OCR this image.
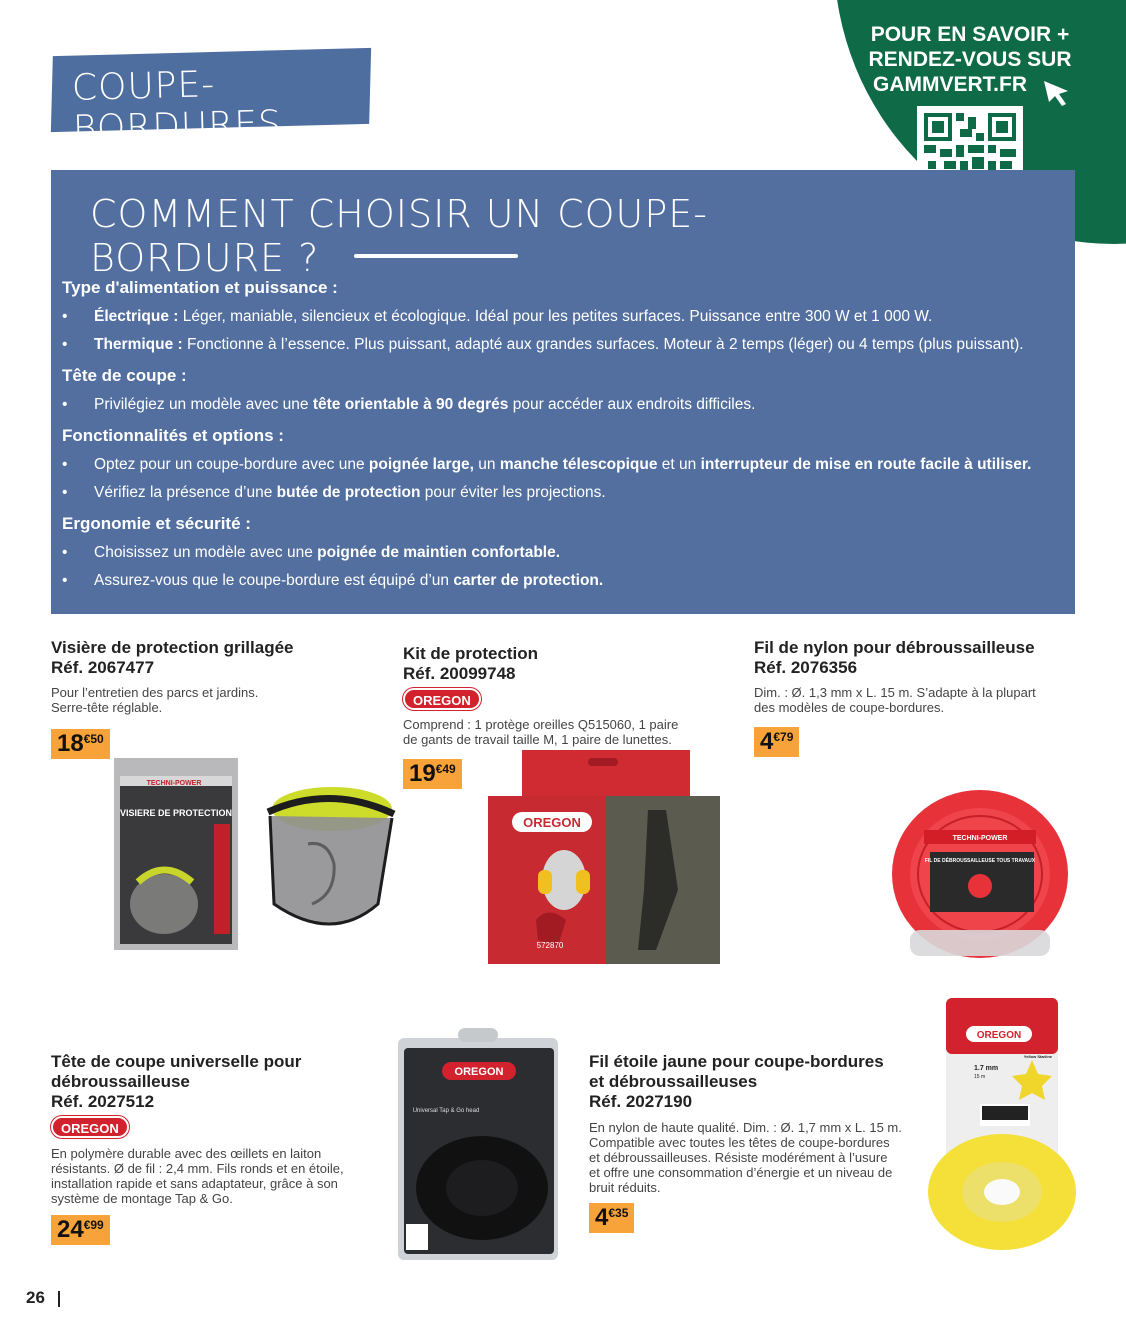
COUPE-BORDURES
POUR EN SAVOIR +
RENDEZ-VOUS SUR
GAMMVERT.FR
COMMENT CHOISIR UN COUPE-BORDURE ?
Type d'alimentation et puissance :
• Électrique : Léger, maniable, silencieux et écologique. Idéal pour les petites surfaces. Puissance entre 300 W et 1 000 W.
• Thermique : Fonctionne à l’essence. Plus puissant, adapté aux grandes surfaces. Moteur à 2 temps (léger) ou 4 temps (plus puissant).
Tête de coupe :
• Privilégiez un modèle avec une tête orientable à 90 degrés pour accéder aux endroits difficiles.
Fonctionnalités et options :
• Optez pour un coupe-bordure avec une poignée large, un manche télescopique et un interrupteur de mise en route facile à utiliser.
• Vérifiez la présence d’une butée de protection pour éviter les projections.
Ergonomie et sécurité :
• Choisissez un modèle avec une poignée de maintien confortable.
• Assurez-vous que le coupe-bordure est équipé d’un carter de protection.
Visière de protection grillagée
Réf. 2067477
Pour l’entretien des parcs et jardins.
Serre-tête réglable.
$18^{€50}$
TECHNI-POWER
VISIERE DE PROTECTION
Kit de protection
Réf. 20099748
OREGON
Comprend : 1 protège oreilles Q515060, 1 paire
de gants de travail taille M, 1 paire de lunettes.
$19^{€49}$
OREGON
572870
Fil de nylon pour débroussailleuse
Réf. 2076356
Dim. : Ø. 1,3 mm x L. 15 m. S’adapte à la plupart
des modèles de coupe-bordures.
$4^{€79}$
TECHNI-POWER
FIL DE DÉBROUSSAILLEUSE TOUS TRAVAUX
Tête de coupe universelle pour
débroussailleuse
Réf. 2027512
OREGON
En polymère durable avec des œillets en laiton
résistants. Ø de fil : 2,4 mm. Fils ronds et en étoile,
installation rapide et sans adaptateur, grâce à son
système de montage Tap & Go.
$24^{€99}$
OREGON
Universal Tap & Go head
Fil étoile jaune pour coupe-bordures
et débroussailleuses
Réf. 2027190
En nylon de haute qualité. Dim. : Ø. 1,7 mm x L. 15 m.
Compatible avec toutes les têtes de coupe-bordures
et débroussailleuses. Résiste modérément à l’usure
et offre une consommation d’énergie et un niveau de
bruit réduits.
$4^{€35}$
OREGON
Yellow Starline
1.7 mm
15 m
26
